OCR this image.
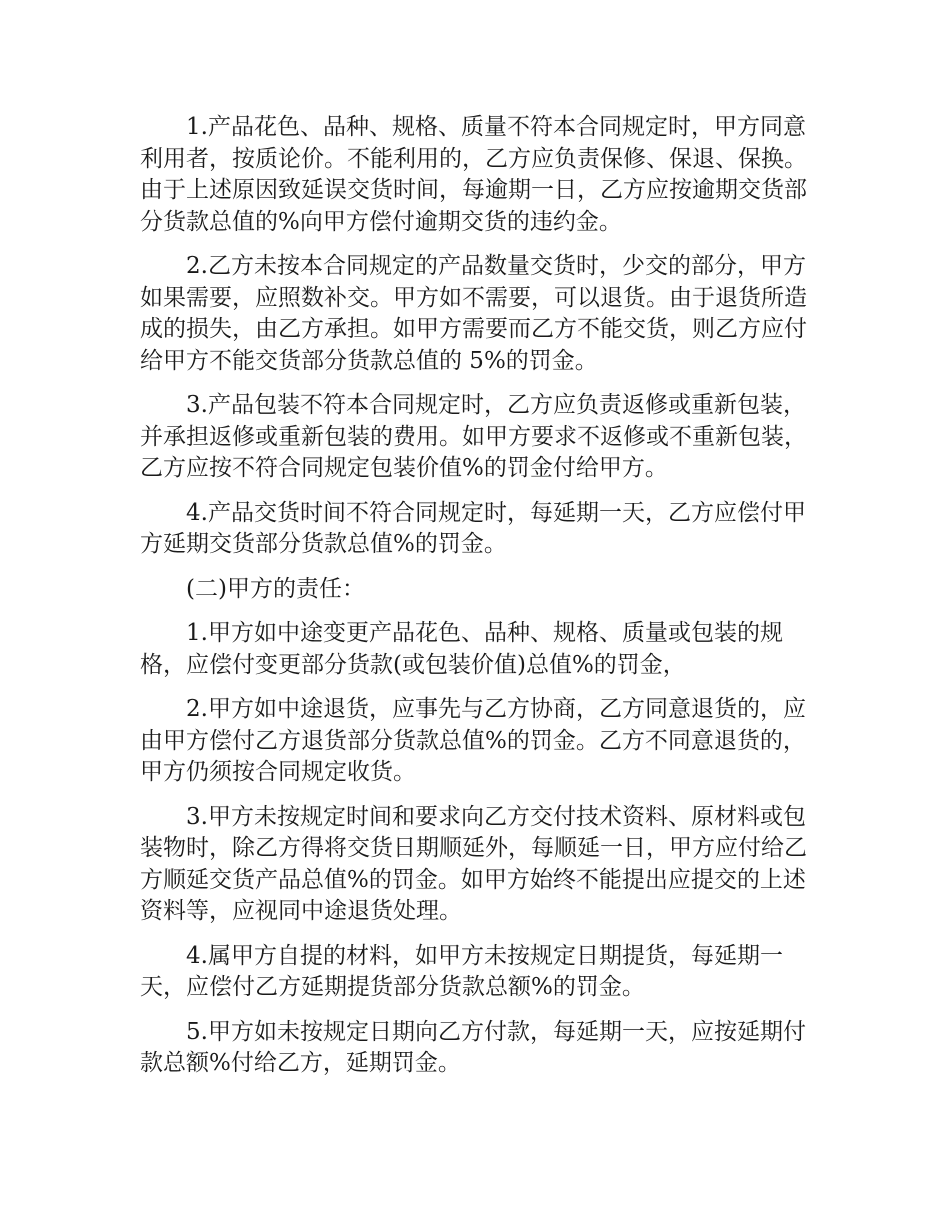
1.产品花色、品种、规格、质量不符本合同规定时，甲方同意利用者，按质论价。不能利用的，乙方应负责保修、保退、保换。由于上述原因致延误交货时间，每逾期一日，乙方应按逾期交货部分货款总值的%向甲方偿付逾期交货的违约金。

2.乙方未按本合同规定的产品数量交货时，少交的部分，甲方如果需要，应照数补交。甲方如不需要，可以退货。由于退货所造成的损失，由乙方承担。如甲方需要而乙方不能交货，则乙方应付给甲方不能交货部分货款总值的 5%的罚金。

3.产品包装不符本合同规定时，乙方应负责返修或重新包装，并承担返修或重新包装的费用。如甲方要求不返修或不重新包装，乙方应按不符合同规定包装价值%的罚金付给甲方。

4.产品交货时间不符合同规定时，每延期一天，乙方应偿付甲方延期交货部分货款总值%的罚金。

(二)甲方的责任：

1.甲方如中途变更产品花色、品种、规格、质量或包装的规格，应偿付变更部分货款(或包装价值)总值%的罚金，

2.甲方如中途退货，应事先与乙方协商，乙方同意退货的，应由甲方偿付乙方退货部分货款总值%的罚金。乙方不同意退货的，甲方仍须按合同规定收货。

3.甲方未按规定时间和要求向乙方交付技术资料、原材料或包装物时，除乙方得将交货日期顺延外，每顺延一日，甲方应付给乙方顺延交货产品总值%的罚金。如甲方始终不能提出应提交的上述资料等，应视同中途退货处理。

4.属甲方自提的材料，如甲方未按规定日期提货，每延期一天，应偿付乙方延期提货部分货款总额%的罚金。

5.甲方如未按规定日期向乙方付款，每延期一天，应按延期付款总额%付给乙方，延期罚金。
